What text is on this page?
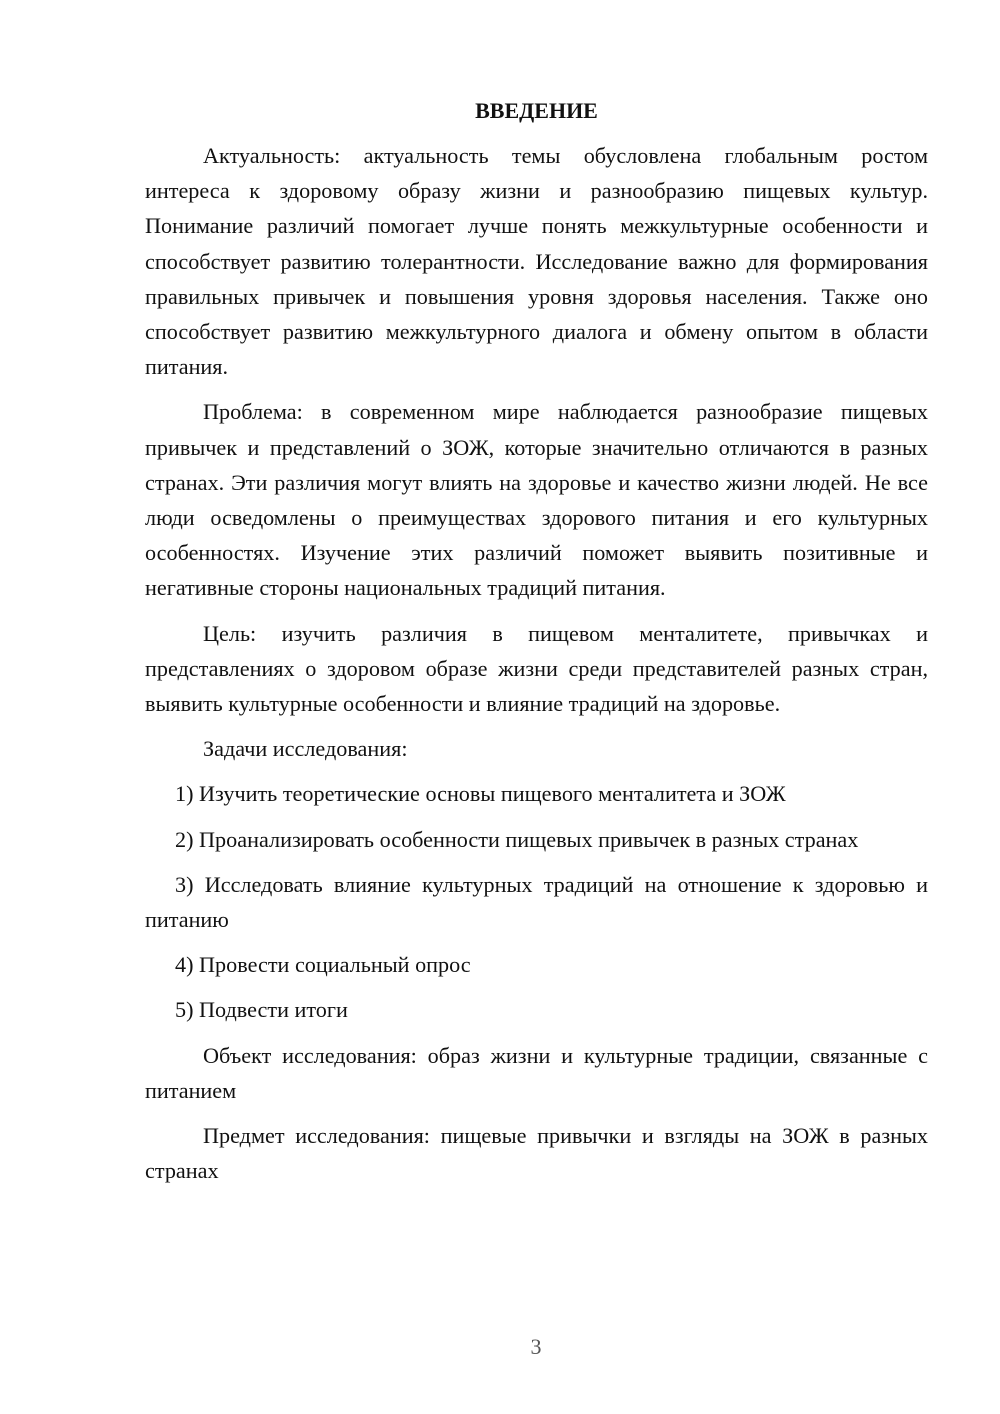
ВВЕДЕНИЕ

Актуальность: актуальность темы обусловлена глобальным ростом интереса к здоровому образу жизни и разнообразию пищевых культур. Понимание различий помогает лучше понять межкультурные особенности и способствует развитию толерантности. Исследование важно для формирования правильных привычек и повышения уровня здоровья населения. Также оно способствует развитию межкультурного диалога и обмену опытом в области питания.

Проблема: в современном мире наблюдается разнообразие пищевых привычек и представлений о ЗОЖ, которые значительно отличаются в разных странах. Эти различия могут влиять на здоровье и качество жизни людей. Не все люди осведомлены о преимуществах здорового питания и его культурных особенностях. Изучение этих различий поможет выявить позитивные и негативные стороны национальных традиций питания.

Цель: изучить различия в пищевом менталитете, привычках и представлениях о здоровом образе жизни среди представителей разных стран, выявить культурные особенности и влияние традиций на здоровье.

Задачи исследования:

1) Изучить теоретические основы пищевого менталитета и ЗОЖ

2) Проанализировать особенности пищевых привычек в разных странах

3) Исследовать влияние культурных традиций на отношение к здоровью и питанию

4) Провести социальный опрос

5) Подвести итоги

Объект исследования: образ жизни и культурные традиции, связанные с питанием

Предмет исследования: пищевые привычки и взгляды на ЗОЖ в разных странах

3
